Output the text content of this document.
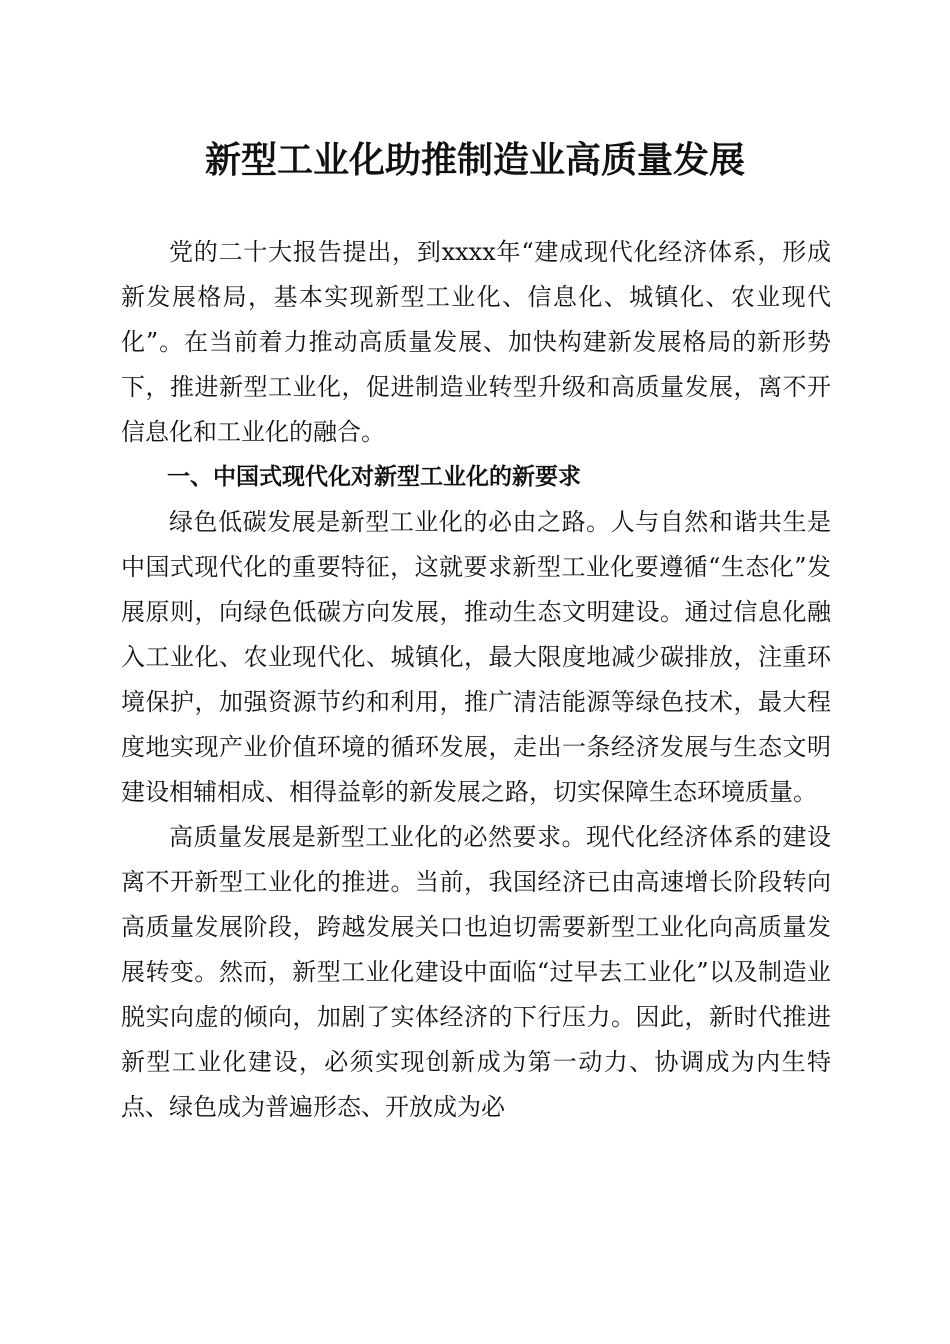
新型工业化助推制造业高质量发展

党的二十大报告提出，到xxxx年“建成现代化经济体系，形成新发展格局，基本实现新型工业化、信息化、城镇化、农业现代化”。在当前着力推动高质量发展、加快构建新发展格局的新形势下，推进新型工业化，促进制造业转型升级和高质量发展，离不开信息化和工业化的融合。

一、中国式现代化对新型工业化的新要求

绿色低碳发展是新型工业化的必由之路。人与自然和谐共生是中国式现代化的重要特征，这就要求新型工业化要遵循“生态化”发展原则，向绿色低碳方向发展，推动生态文明建设。通过信息化融入工业化、农业现代化、城镇化，最大限度地减少碳排放，注重环境保护，加强资源节约和利用，推广清洁能源等绿色技术，最大程度地实现产业价值环境的循环发展，走出一条经济发展与生态文明建设相辅相成、相得益彰的新发展之路，切实保障生态环境质量。

高质量发展是新型工业化的必然要求。现代化经济体系的建设离不开新型工业化的推进。当前，我国经济已由高速增长阶段转向高质量发展阶段，跨越发展关口也迫切需要新型工业化向高质量发展转变。然而，新型工业化建设中面临“过早去工业化”以及制造业脱实向虚的倾向，加剧了实体经济的下行压力。因此，新时代推进新型工业化建设，必须实现创新成为第一动力、协调成为内生特点、绿色成为普遍形态、开放成为必
